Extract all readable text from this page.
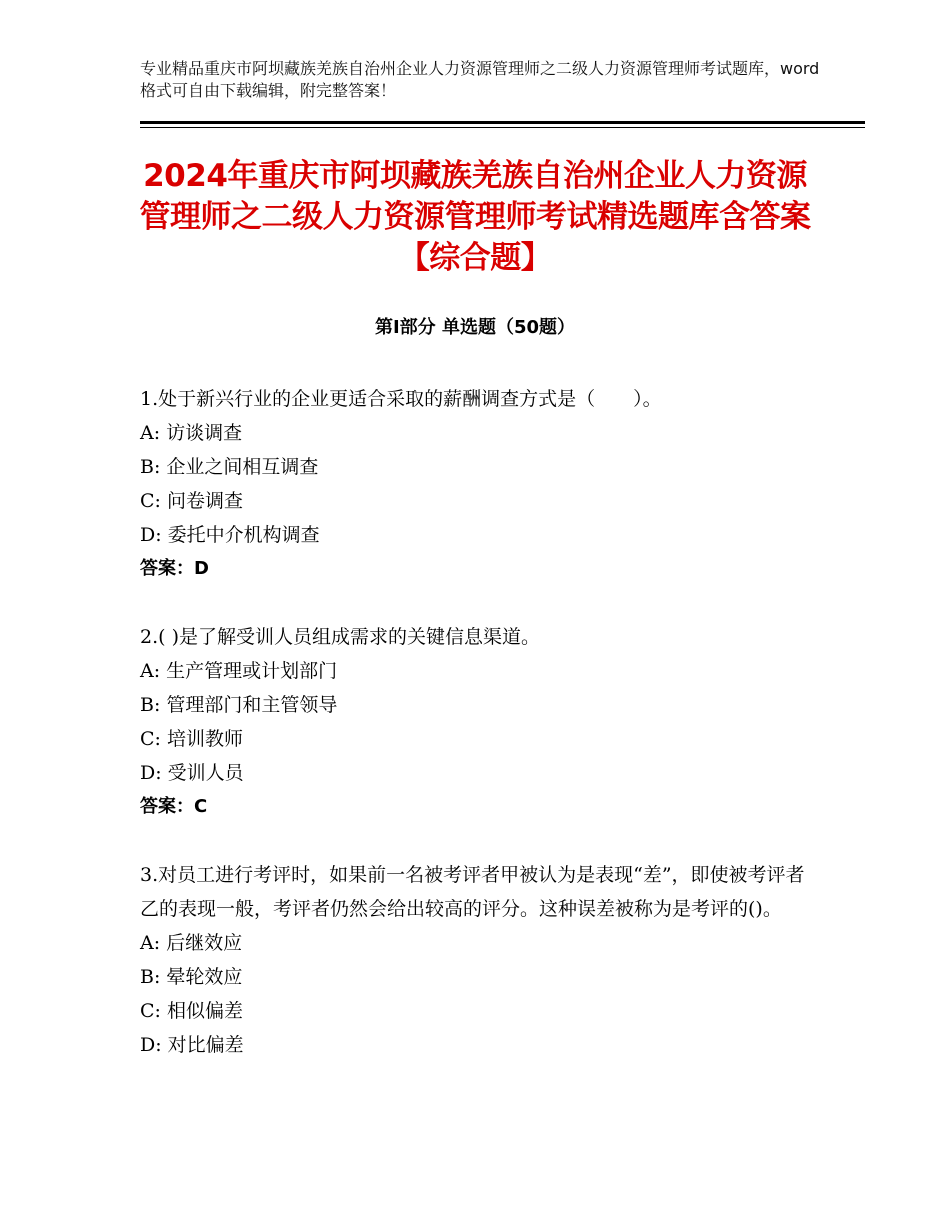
专业精品重庆市阿坝藏族羌族自治州企业人力资源管理师之二级人力资源管理师考试题库，word格式可自由下载编辑，附完整答案！
2024年重庆市阿坝藏族羌族自治州企业人力资源管理师之二级人力资源管理师考试精选题库含答案【综合题】
第Ⅰ部分 单选题（50题）

1.处于新兴行业的企业更适合采取的薪酬调查方式是（　　）。

A: 访谈调查

B: 企业之间相互调查

C: 问卷调查

D: 委托中介机构调查

答案：D

2.( )是了解受训人员组成需求的关键信息渠道。

A: 生产管理或计划部门

B: 管理部门和主管领导

C: 培训教师

D: 受训人员

答案：C

3.对员工进行考评时，如果前一名被考评者甲被认为是表现“差”，即使被考评者乙的表现一般，考评者仍然会给出较高的评分。这种误差被称为是考评的()。

A: 后继效应

B: 晕轮效应

C: 相似偏差

D: 对比偏差
